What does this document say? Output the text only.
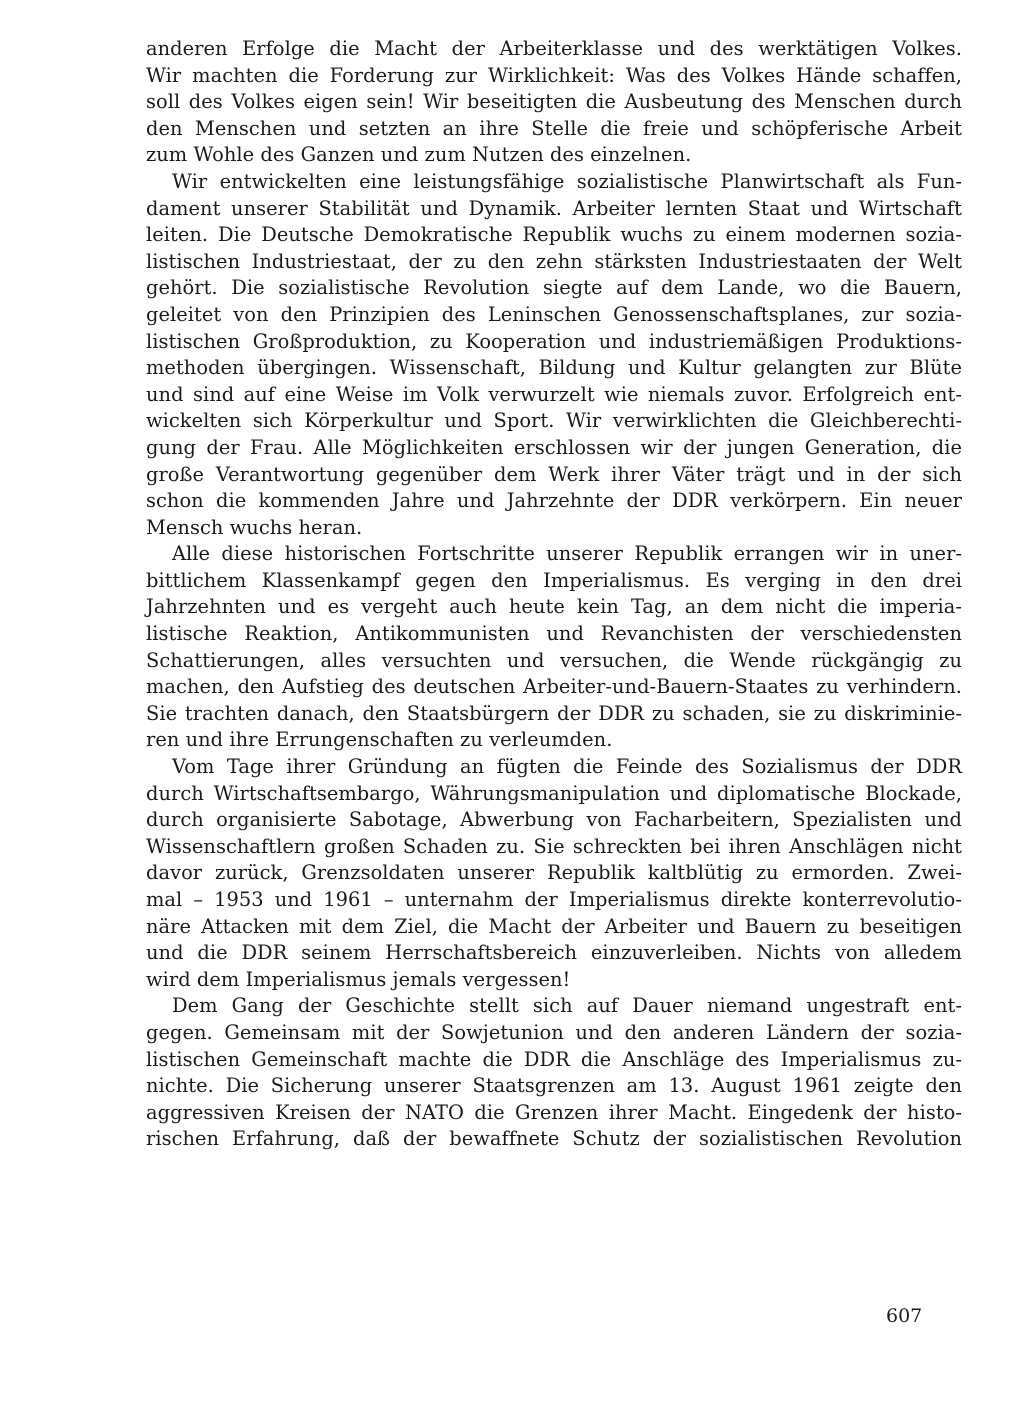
anderen Erfolge die Macht der Arbeiterklasse und des werktätigen Volkes.
Wir machten die Forderung zur Wirklichkeit: Was des Volkes Hände schaffen,
soll des Volkes eigen sein! Wir beseitigten die Ausbeutung des Menschen durch
den Menschen und setzten an ihre Stelle die freie und schöpferische Arbeit
zum Wohle des Ganzen und zum Nutzen des einzelnen.
Wir entwickelten eine leistungsfähige sozialistische Planwirtschaft als Fun-
dament unserer Stabilität und Dynamik. Arbeiter lernten Staat und Wirtschaft
leiten. Die Deutsche Demokratische Republik wuchs zu einem modernen sozia-
listischen Industriestaat, der zu den zehn stärksten Industriestaaten der Welt
gehört. Die sozialistische Revolution siegte auf dem Lande, wo die Bauern,
geleitet von den Prinzipien des Leninschen Genossenschaftsplanes, zur sozia-
listischen Großproduktion, zu Kooperation und industriemäßigen Produktions-
methoden übergingen. Wissenschaft, Bildung und Kultur gelangten zur Blüte
und sind auf eine Weise im Volk verwurzelt wie niemals zuvor. Erfolgreich ent-
wickelten sich Körperkultur und Sport. Wir verwirklichten die Gleichberechti-
gung der Frau. Alle Möglichkeiten erschlossen wir der jungen Generation, die
große Verantwortung gegenüber dem Werk ihrer Väter trägt und in der sich
schon die kommenden Jahre und Jahrzehnte der DDR verkörpern. Ein neuer
Mensch wuchs heran.
Alle diese historischen Fortschritte unserer Republik errangen wir in uner-
bittlichem Klassenkampf gegen den Imperialismus. Es verging in den drei
Jahrzehnten und es vergeht auch heute kein Tag, an dem nicht die imperia-
listische Reaktion, Antikommunisten und Revanchisten der verschiedensten
Schattierungen, alles versuchten und versuchen, die Wende rückgängig zu
machen, den Aufstieg des deutschen Arbeiter-und-Bauern-Staates zu verhindern.
Sie trachten danach, den Staatsbürgern der DDR zu schaden, sie zu diskriminie-
ren und ihre Errungenschaften zu verleumden.
Vom Tage ihrer Gründung an fügten die Feinde des Sozialismus der DDR
durch Wirtschaftsembargo, Währungsmanipulation und diplomatische Blockade,
durch organisierte Sabotage, Abwerbung von Facharbeitern, Spezialisten und
Wissenschaftlern großen Schaden zu. Sie schreckten bei ihren Anschlägen nicht
davor zurück, Grenzsoldaten unserer Republik kaltblütig zu ermorden. Zwei-
mal – 1953 und 1961 – unternahm der Imperialismus direkte konterrevolutio-
näre Attacken mit dem Ziel, die Macht der Arbeiter und Bauern zu beseitigen
und die DDR seinem Herrschaftsbereich einzuverleiben. Nichts von alledem
wird dem Imperialismus jemals vergessen!
Dem Gang der Geschichte stellt sich auf Dauer niemand ungestraft ent-
gegen. Gemeinsam mit der Sowjetunion und den anderen Ländern der sozia-
listischen Gemeinschaft machte die DDR die Anschläge des Imperialismus zu-
nichte. Die Sicherung unserer Staatsgrenzen am 13. August 1961 zeigte den
aggressiven Kreisen der NATO die Grenzen ihrer Macht. Eingedenk der histo-
rischen Erfahrung, daß der bewaffnete Schutz der sozialistischen Revolution
607
